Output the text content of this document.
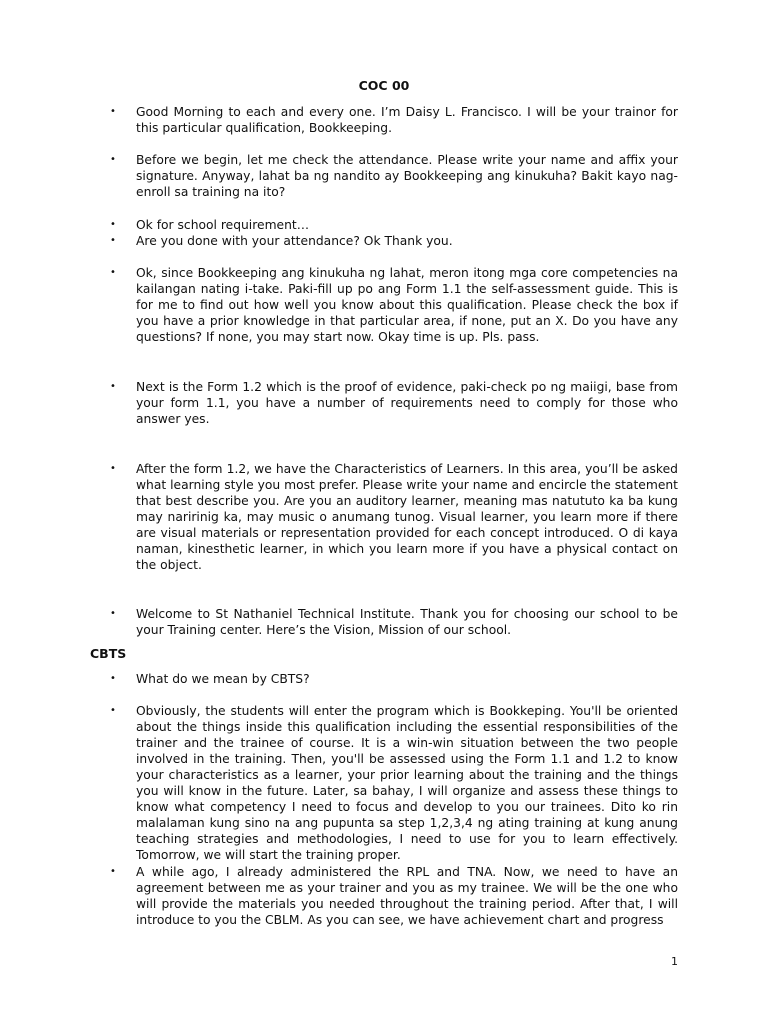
COC 00
• Good Morning to each and every one. I’m Daisy L. Francisco. I will be your trainor for this particular qualification, Bookkeeping.
• Before we begin, let me check the attendance. Please write your name and affix your signature. Anyway, lahat ba ng nandito ay Bookkeeping ang kinukuha? Bakit kayo nag-enroll sa training na ito?
• Ok for school requirement…
• Are you done with your attendance? Ok Thank you.
• Ok, since Bookkeeping ang kinukuha ng lahat, meron itong mga core competencies na kailangan nating i-take. Paki-fill up po ang Form 1.1 the self-assessment guide. This is for me to find out how well you know about this qualification. Please check the box if you have a prior knowledge in that particular area, if none, put an X. Do you have any questions? If none, you may start now. Okay time is up. Pls. pass.
• Next is the Form 1.2 which is the proof of evidence, paki-check po ng maiigi, base from your form 1.1, you have a number of requirements need to comply for those who answer yes.
• After the form 1.2, we have the Characteristics of Learners. In this area, you’ll be asked what learning style you most prefer. Please write your name and encircle the statement that best describe you. Are you an auditory learner, meaning mas natututo ka ba kung may naririnig ka, may music o anumang tunog. Visual learner, you learn more if there are visual materials or representation provided for each concept introduced. O di kaya naman, kinesthetic learner, in which you learn more if you have a physical contact on the object.
• Welcome to St Nathaniel Technical Institute. Thank you for choosing our school to be your Training center. Here’s the Vision, Mission of our school.
CBTS
• What do we mean by CBTS?
• Obviously, the students will enter the program which is Bookkeping. You'll be oriented about the things inside this qualification including the essential responsibilities of the trainer and the trainee of course. It is a win-win situation between the two people involved in the training. Then, you'll be assessed using the Form 1.1 and 1.2 to know your characteristics as a learner, your prior learning about the training and the things you will know in the future. Later, sa bahay, I will organize and assess these things to know what competency I need to focus and develop to you our trainees. Dito ko rin malalaman kung sino na ang pupunta sa step 1,2,3,4 ng ating training at kung anung teaching strategies and methodologies, I need to use for you to learn effectively. Tomorrow, we will start the training proper.
• A while ago, I already administered the RPL and TNA. Now, we need to have an agreement between me as your trainer and you as my trainee. We will be the one who will provide the materials you needed throughout the training period. After that, I will introduce to you the CBLM. As you can see, we have achievement chart and progress
1
